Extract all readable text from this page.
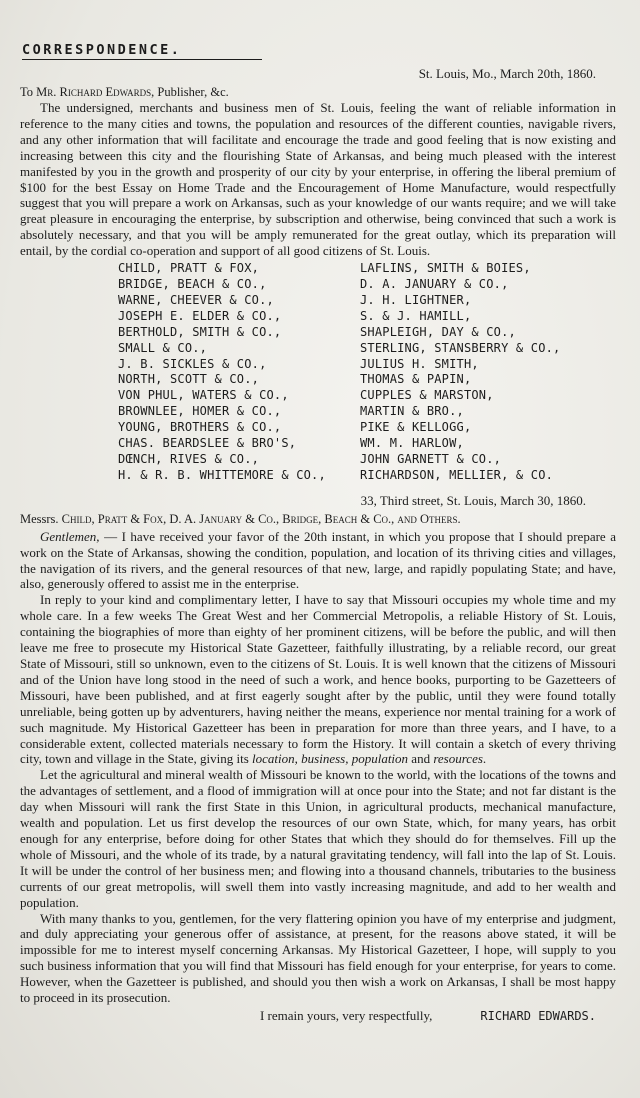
CORRESPONDENCE.
St. Louis, Mo., March 20th, 1860.
To Mr. Richard Edwards, Publisher, &c.

The undersigned, merchants and business men of St. Louis, feeling the want of reliable information in reference to the many cities and towns, the population and resources of the different counties, navigable rivers, and any other information that will facilitate and encourage the trade and good feeling that is now existing and increasing between this city and the flourishing State of Arkansas, and being much pleased with the interest manifested by you in the growth and prosperity of our city by your enterprise, in offering the liberal premium of $100 for the best Essay on Home Trade and the Encouragement of Home Manufacture, would respectfully suggest that you will prepare a work on Arkansas, such as your knowledge of our wants require; and we will take great pleasure in encouraging the enterprise, by subscription and otherwise, being convinced that such a work is absolutely necessary, and that you will be amply remunerated for the great outlay, which its preparation will entail, by the cordial co-operation and support of all good citizens of St. Louis.

CHILD, PRATT & FOX,	LAFLINS, SMITH & BOIES,
BRIDGE, BEACH & CO.,	D. A. JANUARY & CO.,
WARNE, CHEEVER & CO.,	J. H. LIGHTNER,
JOSEPH E. ELDER & CO.,	S. & J. HAMILL,
BERTHOLD, SMITH & CO.,	SHAPLEIGH, DAY & CO.,
SMALL & CO.,	STERLING, STANSBERRY & CO.,
J. B. SICKLES & CO.,	JULIUS H. SMITH,
NORTH, SCOTT & CO.,	THOMAS & PAPIN,
VON PHUL, WATERS & CO.,	CUPPLES & MARSTON,
BROWNLEE, HOMER & CO.,	MARTIN & BRO.,
YOUNG, BROTHERS & CO.,	PIKE & KELLOGG,
CHAS. BEARDSLEE & BRO'S,	WM. M. HARLOW,
DŒNCH, RIVES & CO.,	JOHN GARNETT & CO.,
H. & R. B. WHITTEMORE & CO.,	RICHARDSON, MELLIER, & CO.
33, Third street, St. Louis, March 30, 1860.
Messrs. Child, Pratt & Fox, D. A. January & Co., Bridge, Beach & Co., and Others.

Gentlemen, — I have received your favor of the 20th instant, in which you propose that I should prepare a work on the State of Arkansas, showing the condition, population, and location of its thriving cities and villages, the navigation of its rivers, and the general resources of that new, large, and rapidly populating State; and have, also, generously offered to assist me in the enterprise.

In reply to your kind and complimentary letter, I have to say that Missouri occupies my whole time and my whole care. In a few weeks The Great West and her Commercial Metropolis, a reliable History of St. Louis, containing the biographies of more than eighty of her prominent citizens, will be before the public, and will then leave me free to prosecute my Historical State Gazetteer, faithfully illustrating, by a reliable record, our great State of Missouri, still so unknown, even to the citizens of St. Louis. It is well known that the citizens of Missouri and of the Union have long stood in the need of such a work, and hence books, purporting to be Gazetteers of Missouri, have been published, and at first eagerly sought after by the public, until they were found totally unreliable, being gotten up by adventurers, having neither the means, experience nor mental training for a work of such magnitude. My Historical Gazetteer has been in preparation for more than three years, and I have, to a considerable extent, collected materials necessary to form the History. It will contain a sketch of every thriving city, town and village in the State, giving its location, business, population and resources.

Let the agricultural and mineral wealth of Missouri be known to the world, with the locations of the towns and the advantages of settlement, and a flood of immigration will at once pour into the State; and not far distant is the day when Missouri will rank the first State in this Union, in agricultural products, mechanical manufacture, wealth and population. Let us first develop the resources of our own State, which, for many years, has orbit enough for any enterprise, before doing for other States that which they should do for themselves. Fill up the whole of Missouri, and the whole of its trade, by a natural gravitating tendency, will fall into the lap of St. Louis. It will be under the control of her business men; and flowing into a thousand channels, tributaries to the business currents of our great metropolis, will swell them into vastly increasing magnitude, and add to her wealth and population.

With many thanks to you, gentlemen, for the very flattering opinion you have of my enterprise and judgment, and duly appreciating your generous offer of assistance, at present, for the reasons above stated, it will be impossible for me to interest myself concerning Arkansas. My Historical Gazetteer, I hope, will supply to you such business information that you will find that Missouri has field enough for your enterprise, for years to come. However, when the Gazetteer is published, and should you then wish a work on Arkansas, I shall be most happy to proceed in its prosecution.

I remain yours, very respectfully,	RICHARD EDWARDS.
